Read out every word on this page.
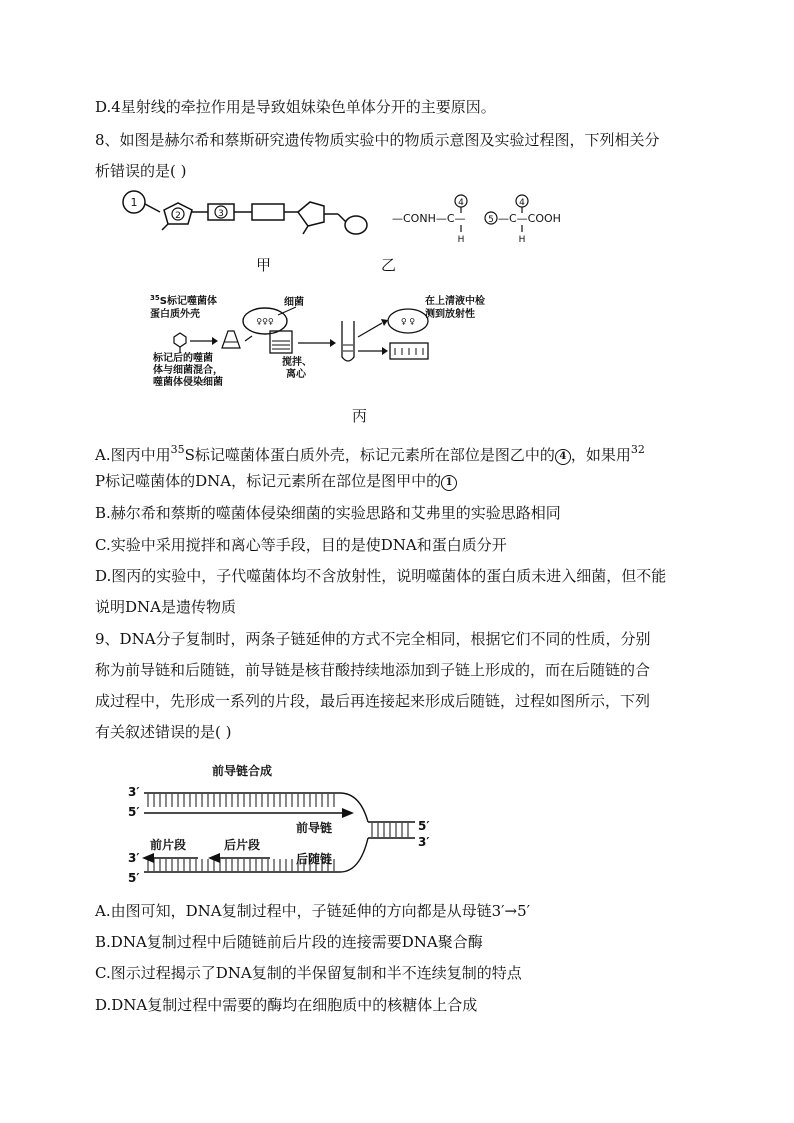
D.4星射线的牵拉作用是导致姐妹染色单体分开的主要原因。
8、如图是赫尔希和蔡斯研究遗传物质实验中的物质示意图及实验过程图，下列相关分
析错误的是( )
1
2	3	—CONH—C—
4
H
5 —C—COOH
4
H
甲	乙
$^{35}$S标记噬菌体
蛋白质外壳
♀♀♀
细菌
标记后的噬菌
体与细菌混合，
噬菌体侵染细菌
搅拌、
离心
♀ ♀
在上清液中检
测到放射性
丙
A.图丙中用$^{35}$S标记噬菌体蛋白质外壳，标记元素所在部位是图乙中的 4 ，如果用$^{32}$
P标记噬菌体的DNA，标记元素所在部位是图甲中的 1
B.赫尔希和蔡斯的噬菌体侵染细菌的实验思路和艾弗里的实验思路相同
C.实验中采用搅拌和离心等手段，目的是使DNA和蛋白质分开
D.图丙的实验中，子代噬菌体均不含放射性，说明噬菌体的蛋白质未进入细菌，但不能
说明DNA是遗传物质
9、DNA分子复制时，两条子链延伸的方式不完全相同，根据它们不同的性质，分别
称为前导链和后随链，前导链是核苷酸持续地添加到子链上形成的，而在后随链的合
成过程中，先形成一系列的片段，最后再连接起来形成后随链，过程如图所示，下列
有关叙述错误的是( )
前导链合成
3′
5′
3′
5′
前导链	5′
3′
前片段	后片段
后随链
A.由图可知，DNA复制过程中，子链延伸的方向都是从母链3′→5′
B.DNA复制过程中后随链前后片段的连接需要DNA聚合酶
C.图示过程揭示了DNA复制的半保留复制和半不连续复制的特点
D.DNA复制过程中需要的酶均在细胞质中的核糖体上合成
